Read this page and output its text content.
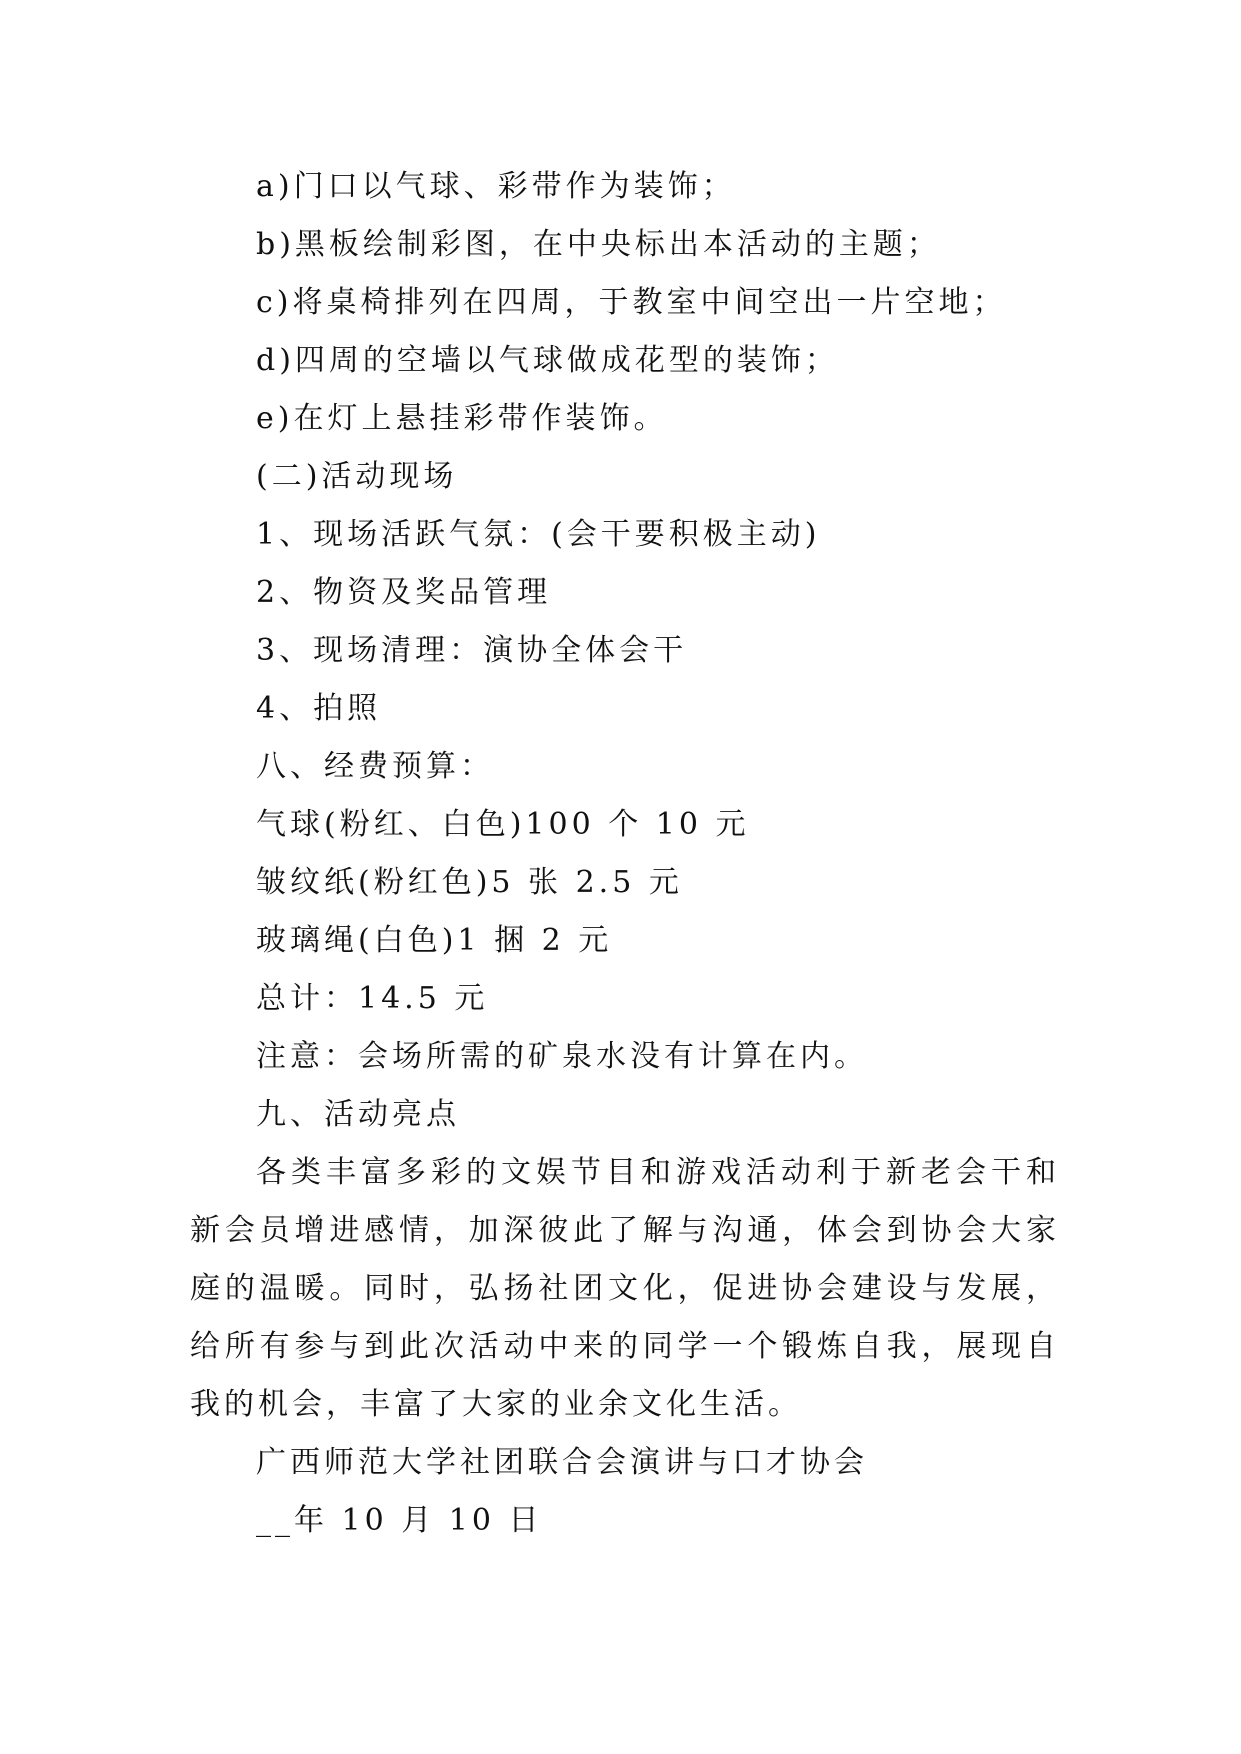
a)门口以气球、彩带作为装饰；
b)黑板绘制彩图，在中央标出本活动的主题；
c)将桌椅排列在四周，于教室中间空出一片空地；
d)四周的空墙以气球做成花型的装饰；
e)在灯上悬挂彩带作装饰。
(二)活动现场
1、现场活跃气氛：(会干要积极主动)
2、物资及奖品管理
3、现场清理：演协全体会干
4、拍照
八、经费预算：
气球(粉红、白色)100 个 10 元
皱纹纸(粉红色)5 张 2.5 元
玻璃绳(白色)1 捆 2 元
总计：14.5 元
注意：会场所需的矿泉水没有计算在内。
九、活动亮点
各类丰富多彩的文娱节目和游戏活动利于新老会干和新会员增进感情，加深彼此了解与沟通，体会到协会大家庭的温暖。同时，弘扬社团文化，促进协会建设与发展，给所有参与到此次活动中来的同学一个锻炼自我，展现自我的机会，丰富了大家的业余文化生活。
广西师范大学社团联合会演讲与口才协会
__年 10 月 10 日
